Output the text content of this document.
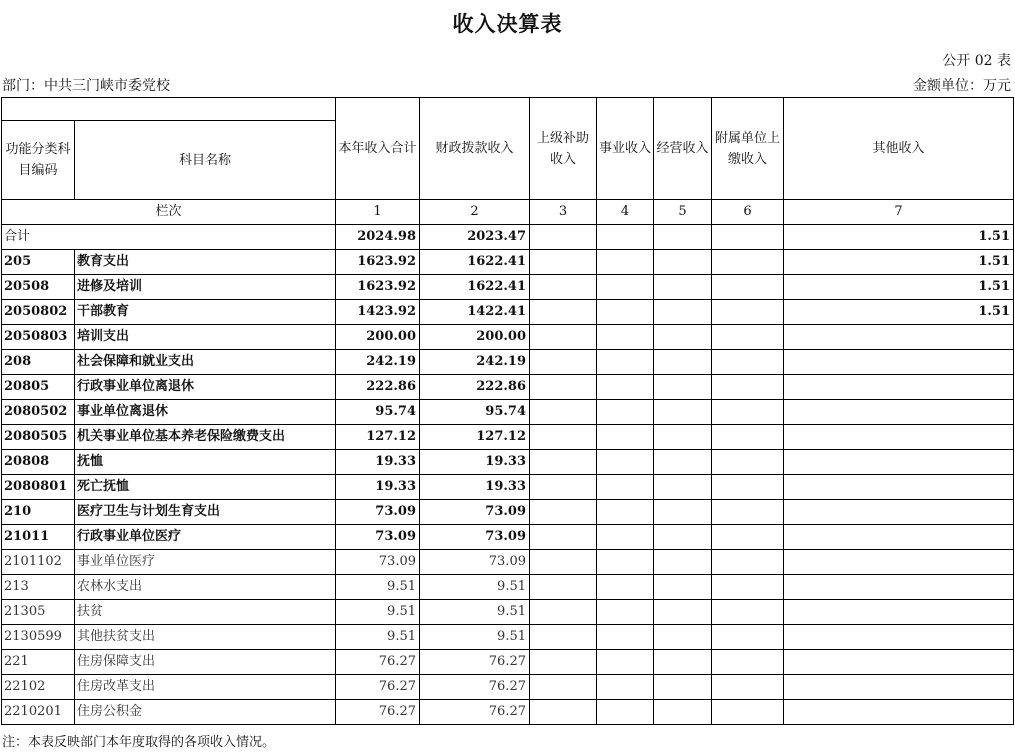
收入决算表
公开 02 表
部门：中共三门峡市委党校	金额单位：万元
		本年收入合计	财政拨款收入	上级补助收入	事业收入	经营收入	附属单位上缴收入	其他收入
功能分类科目编码	科目名称							
栏次		1	2	3	4	5	6	7
合计		2024.98	2023.47					1.51
205	教育支出	1623.92	1622.41					1.51
20508	进修及培训	1623.92	1622.41					1.51
2050802	干部教育	1423.92	1422.41					1.51
2050803	培训支出	200.00	200.00					
208	社会保障和就业支出	242.19	242.19					
20805	行政事业单位离退休	222.86	222.86					
2080502	事业单位离退休	95.74	95.74					
2080505	机关事业单位基本养老保险缴费支出	127.12	127.12					
20808	抚恤	19.33	19.33					
2080801	死亡抚恤	19.33	19.33					
210	医疗卫生与计划生育支出	73.09	73.09					
21011	行政事业单位医疗	73.09	73.09					
2101102	事业单位医疗	73.09	73.09					
213	农林水支出	9.51	9.51					
21305	扶贫	9.51	9.51					
2130599	其他扶贫支出	9.51	9.51					
221	住房保障支出	76.27	76.27					
22102	住房改革支出	76.27	76.27					
2210201	住房公积金	76.27	76.27					
注：本表反映部门本年度取得的各项收入情况。
